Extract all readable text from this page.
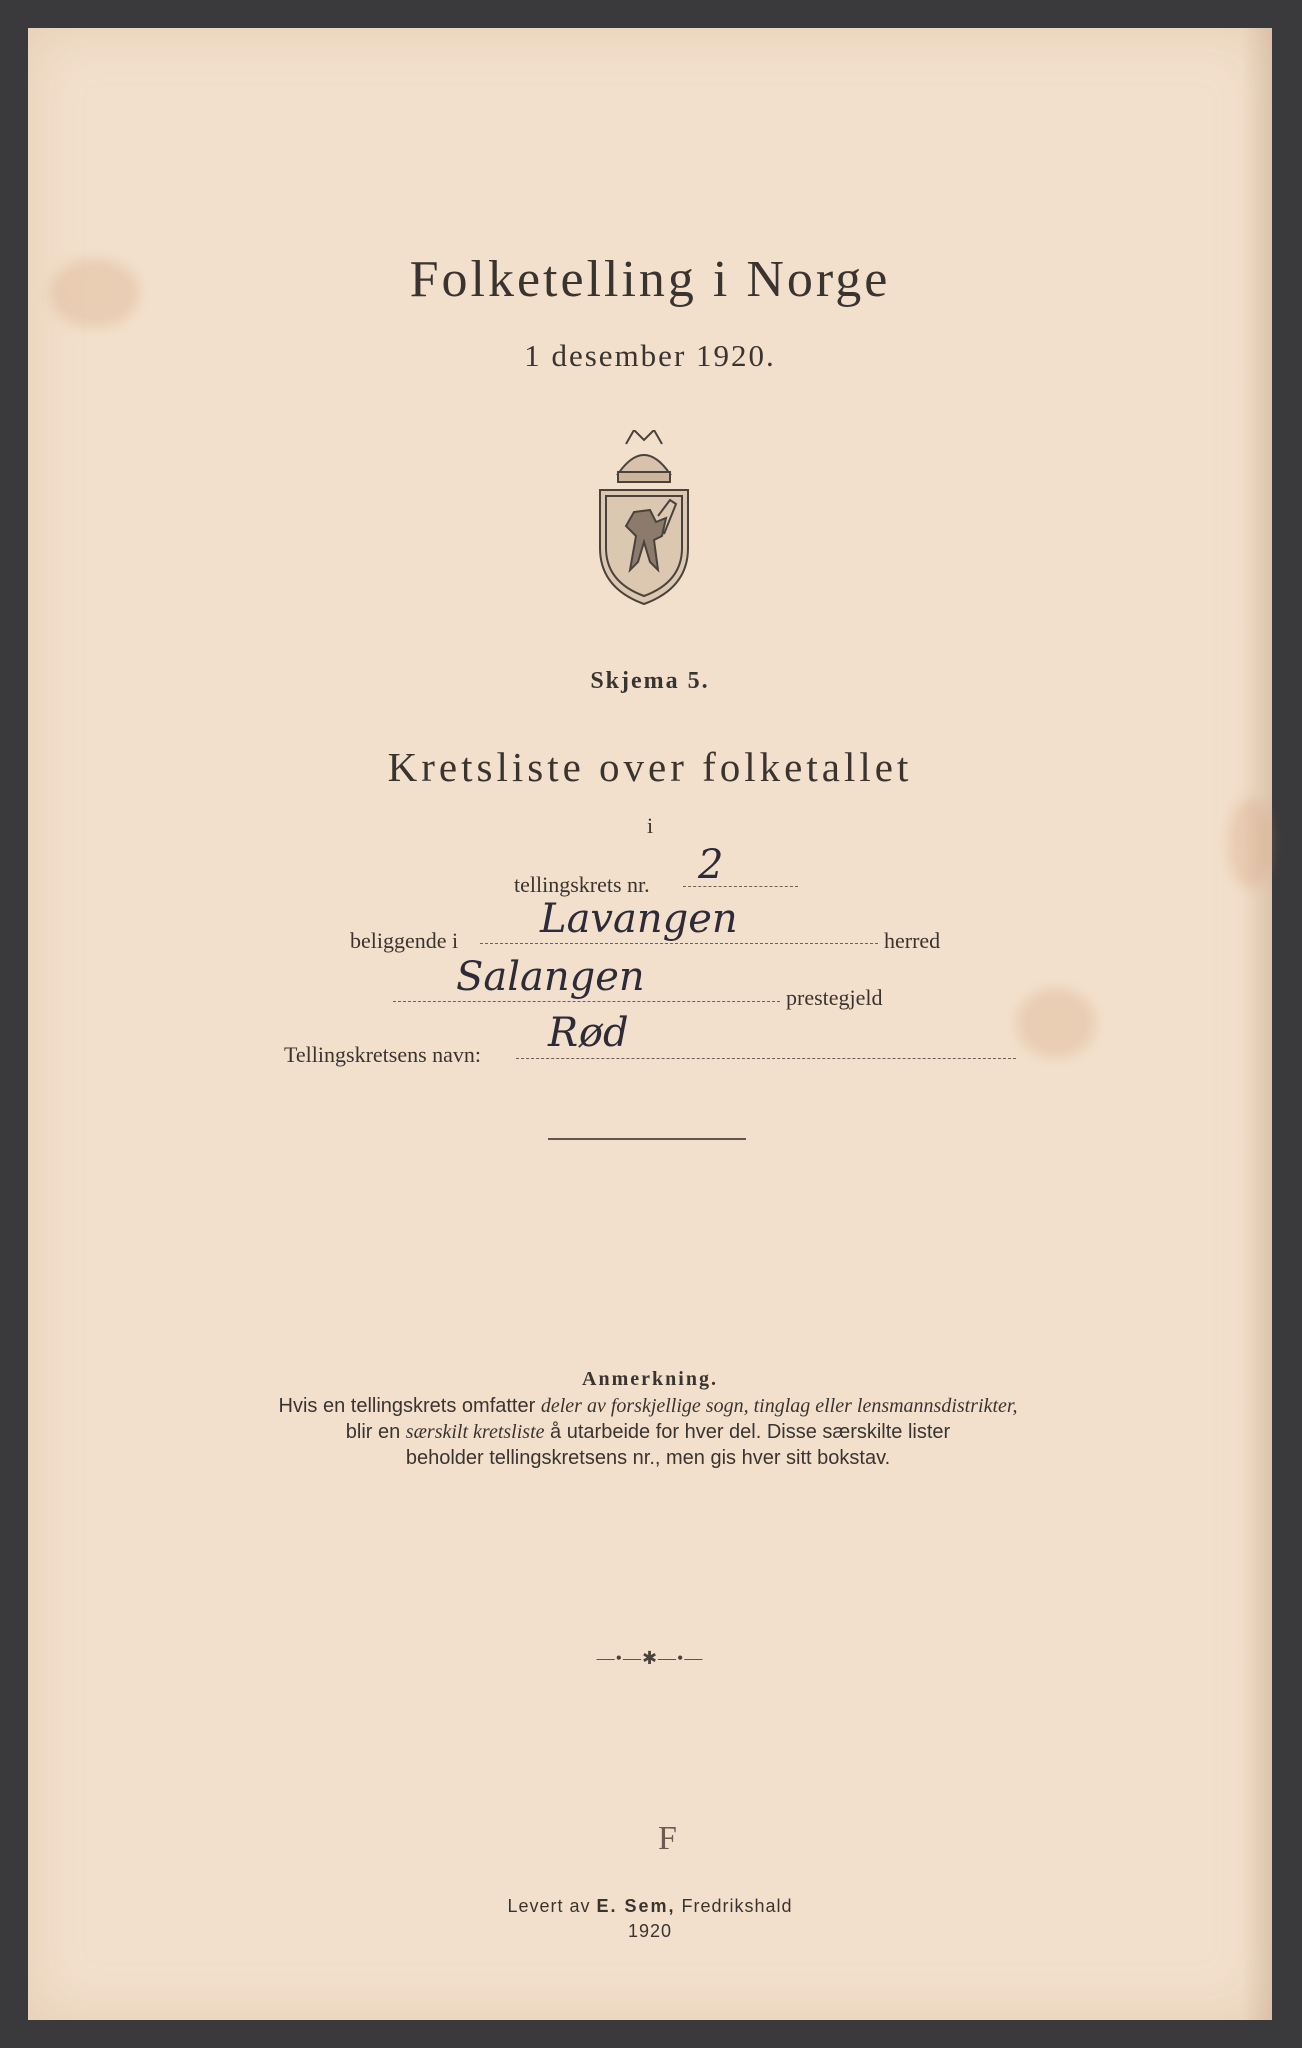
Folketelling i Norge
1 desember 1920.
Skjema 5.
Kretsliste over folketallet
i
tellingskrets nr. 2
beliggende i Lavangen	herred
Salangen	prestegjeld
Tellingskretsens navn: Rød
Anmerkning.
Hvis en tellingskrets omfatter deler av forskjellige sogn, tinglag eller lensmannsdistrikter,
blir en særskilt kretsliste å utarbeide for hver del. Disse særskilte lister
beholder tellingskretsens nr., men gis hver sitt bokstav.
—•—✱—•—
F
Levert av E. Sem, Fredrikshald
1920
